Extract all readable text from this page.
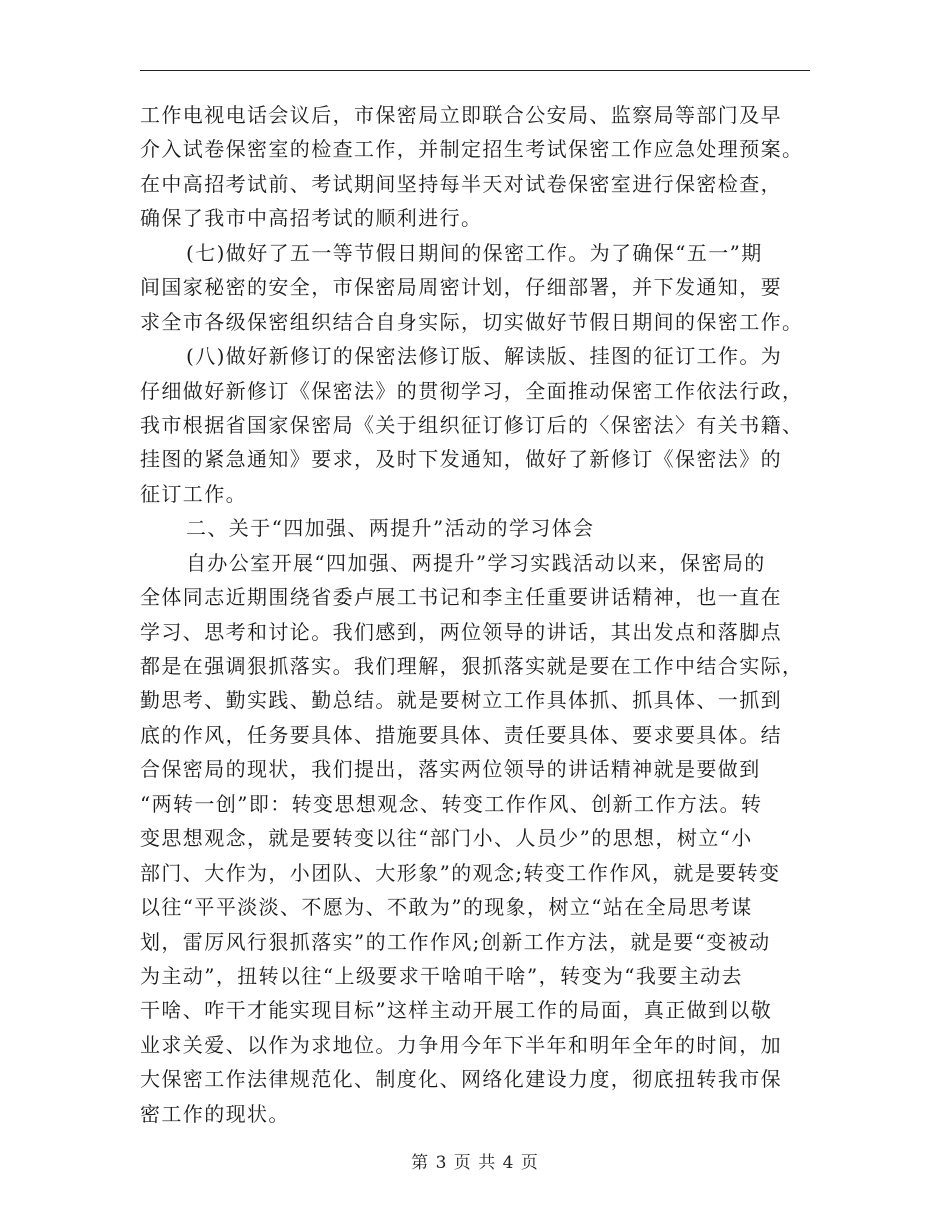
工作电视电话会议后，市保密局立即联合公安局、监察局等部门及早
介入试卷保密室的检查工作，并制定招生考试保密工作应急处理预案。
在中高招考试前、考试期间坚持每半天对试卷保密室进行保密检查，
确保了我市中高招考试的顺利进行。
(七)做好了五一等节假日期间的保密工作。为了确保“五一”期
间国家秘密的安全，市保密局周密计划，仔细部署，并下发通知，要
求全市各级保密组织结合自身实际，切实做好节假日期间的保密工作。
(八)做好新修订的保密法修订版、解读版、挂图的征订工作。为
仔细做好新修订《保密法》的贯彻学习，全面推动保密工作依法行政，
我市根据省国家保密局《关于组织征订修订后的〈保密法〉有关书籍、
挂图的紧急通知》要求，及时下发通知，做好了新修订《保密法》的
征订工作。
二、关于“四加强、两提升”活动的学习体会
自办公室开展“四加强、两提升”学习实践活动以来，保密局的
全体同志近期围绕省委卢展工书记和李主任重要讲话精神，也一直在
学习、思考和讨论。我们感到，两位领导的讲话，其出发点和落脚点
都是在强调狠抓落实。我们理解，狠抓落实就是要在工作中结合实际，
勤思考、勤实践、勤总结。就是要树立工作具体抓、抓具体、一抓到
底的作风，任务要具体、措施要具体、责任要具体、要求要具体。结
合保密局的现状，我们提出，落实两位领导的讲话精神就是要做到
“两转一创”即：转变思想观念、转变工作作风、创新工作方法。转
变思想观念，就是要转变以往“部门小、人员少”的思想，树立“小
部门、大作为，小团队、大形象”的观念;转变工作作风，就是要转变
以往“平平淡淡、不愿为、不敢为”的现象，树立“站在全局思考谋
划，雷厉风行狠抓落实”的工作作风;创新工作方法，就是要“变被动
为主动”，扭转以往“上级要求干啥咱干啥”，转变为“我要主动去
干啥、咋干才能实现目标”这样主动开展工作的局面，真正做到以敬
业求关爱、以作为求地位。力争用今年下半年和明年全年的时间，加
大保密工作法律规范化、制度化、网络化建设力度，彻底扭转我市保
密工作的现状。
第 3 页 共 4 页
